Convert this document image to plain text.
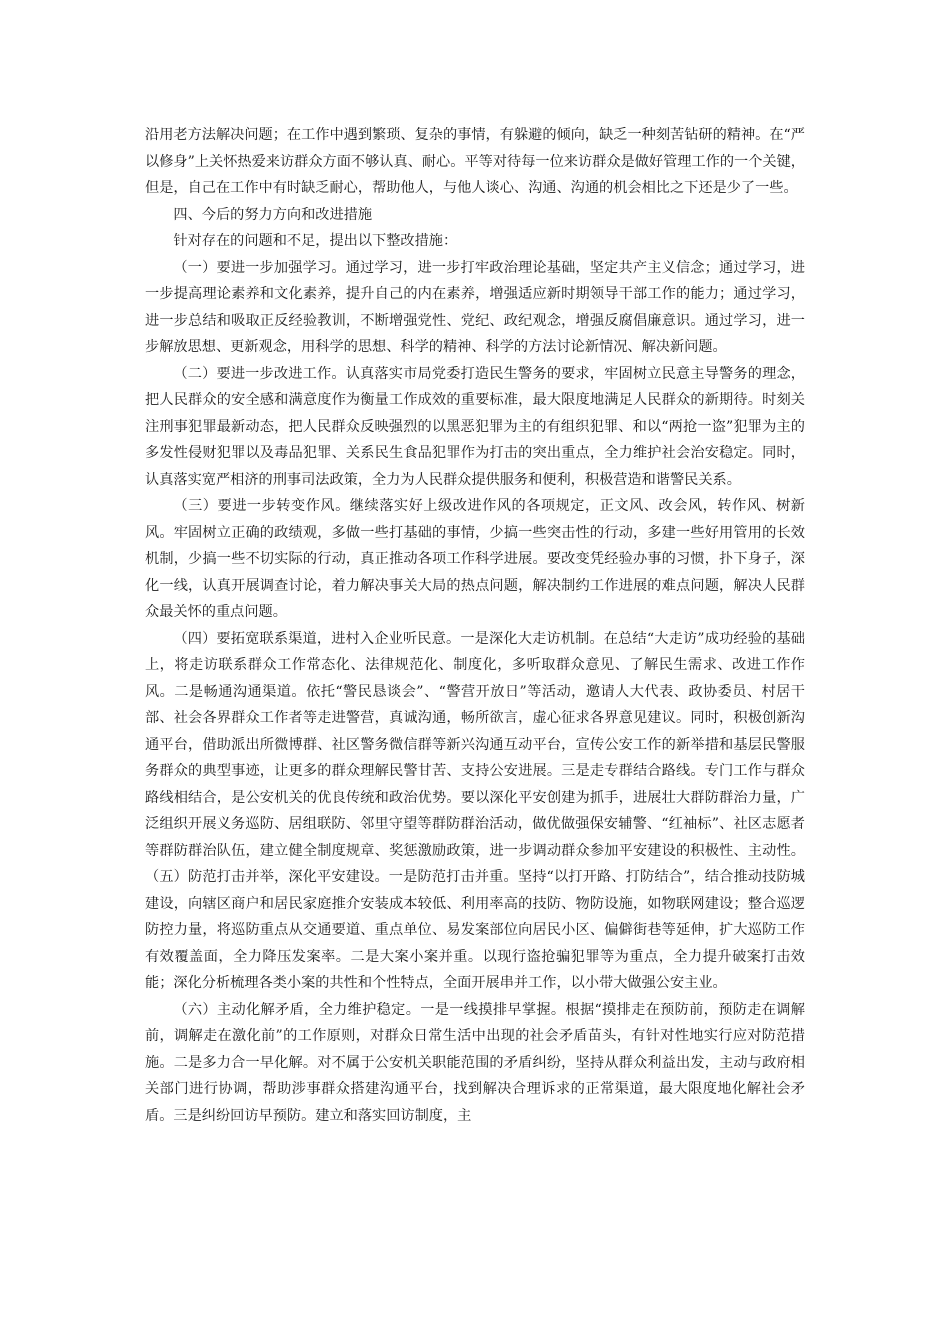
沿用老方法解决问题；在工作中遇到繁琐、复杂的事情，有躲避的倾向，缺乏一种刻苦钻研的精神。在“严以修身”上关怀热爱来访群众方面不够认真、耐心。平等对待每一位来访群众是做好管理工作的一个关键，但是，自己在工作中有时缺乏耐心，帮助他人，与他人谈心、沟通、沟通的机会相比之下还是少了一些。

四、今后的努力方向和改进措施

针对存在的问题和不足，提出以下整改措施：

（一）要进一步加强学习。通过学习，进一步打牢政治理论基础，坚定共产主义信念；通过学习，进一步提高理论素养和文化素养，提升自己的内在素养，增强适应新时期领导干部工作的能力；通过学习，进一步总结和吸取正反经验教训，不断增强党性、党纪、政纪观念，增强反腐倡廉意识。通过学习，进一步解放思想、更新观念，用科学的思想、科学的精神、科学的方法讨论新情况、解决新问题。

（二）要进一步改进工作。认真落实市局党委打造民生警务的要求，牢固树立民意主导警务的理念，把人民群众的安全感和满意度作为衡量工作成效的重要标准，最大限度地满足人民群众的新期待。时刻关注刑事犯罪最新动态，把人民群众反映强烈的以黑恶犯罪为主的有组织犯罪、和以“两抢一盗”犯罪为主的多发性侵财犯罪以及毒品犯罪、关系民生食品犯罪作为打击的突出重点，全力维护社会治安稳定。同时，认真落实宽严相济的刑事司法政策，全力为人民群众提供服务和便利，积极营造和谐警民关系。

（三）要进一步转变作风。继续落实好上级改进作风的各项规定，正文风、改会风，转作风、树新风。牢固树立正确的政绩观，多做一些打基础的事情，少搞一些突击性的行动，多建一些好用管用的长效机制，少搞一些不切实际的行动，真正推动各项工作科学进展。要改变凭经验办事的习惯，扑下身子，深化一线，认真开展调查讨论，着力解决事关大局的热点问题，解决制约工作进展的难点问题，解决人民群众最关怀的重点问题。

（四）要拓宽联系渠道，进村入企业听民意。一是深化大走访机制。在总结“大走访”成功经验的基础上，将走访联系群众工作常态化、法律规范化、制度化，多听取群众意见、了解民生需求、改进工作作风。二是畅通沟通渠道。依托“警民恳谈会”、“警营开放日”等活动，邀请人大代表、政协委员、村居干部、社会各界群众工作者等走进警营，真诚沟通，畅所欲言，虚心征求各界意见建议。同时，积极创新沟通平台，借助派出所微博群、社区警务微信群等新兴沟通互动平台，宣传公安工作的新举措和基层民警服务群众的典型事迹，让更多的群众理解民警甘苦、支持公安进展。三是走专群结合路线。专门工作与群众路线相结合，是公安机关的优良传统和政治优势。要以深化平安创建为抓手，进展壮大群防群治力量，广泛组织开展义务巡防、居组联防、邻里守望等群防群治活动，做优做强保安辅警、“红袖标”、社区志愿者等群防群治队伍，建立健全制度规章、奖惩激励政策，进一步调动群众参加平安建设的积极性、主动性。（五）防范打击并举，深化平安建设。一是防范打击并重。坚持“以打开路、打防结合”，结合推动技防城建设，向辖区商户和居民家庭推介安装成本较低、利用率高的技防、物防设施，如物联网建设；整合巡逻防控力量，将巡防重点从交通要道、重点单位、易发案部位向居民小区、偏僻街巷等延伸，扩大巡防工作有效覆盖面，全力降压发案率。二是大案小案并重。以现行盗抢骗犯罪等为重点，全力提升破案打击效能；深化分析梳理各类小案的共性和个性特点，全面开展串并工作，以小带大做强公安主业。

（六）主动化解矛盾，全力维护稳定。一是一线摸排早掌握。根据“摸排走在预防前，预防走在调解前，调解走在激化前”的工作原则，对群众日常生活中出现的社会矛盾苗头，有针对性地实行应对防范措施。二是多力合一早化解。对不属于公安机关职能范围的矛盾纠纷，坚持从群众利益出发，主动与政府相关部门进行协调，帮助涉事群众搭建沟通平台，找到解决合理诉求的正常渠道，最大限度地化解社会矛盾。三是纠纷回访早预防。建立和落实回访制度，主
